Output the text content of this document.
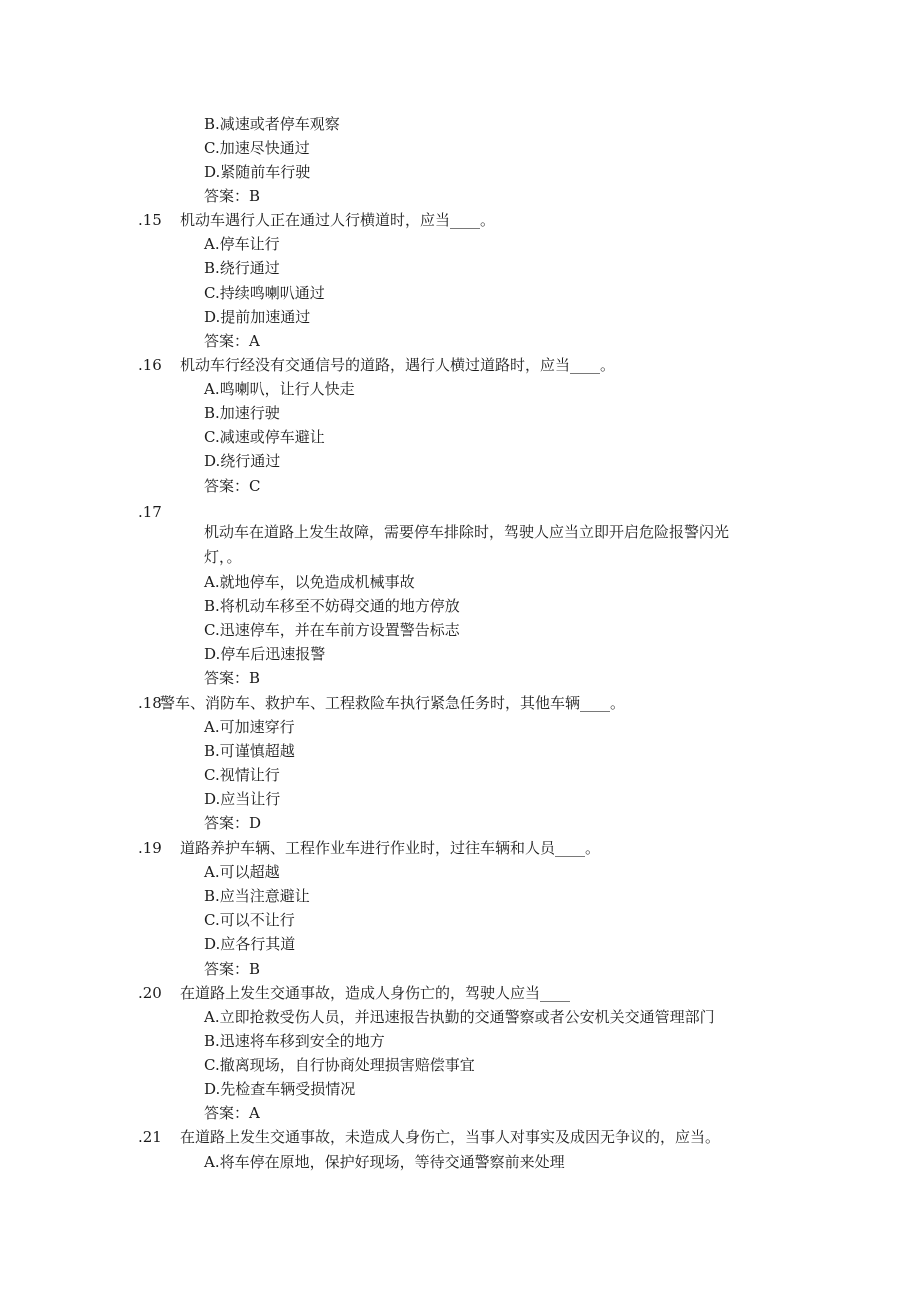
B.减速或者停车观察
C.加速尽快通过
D.紧随前车行驶
答案：B
.15 机动车遇行人正在通过人行横道时，应当____。
A.停车让行
B.绕行通过
C.持续鸣喇叭通过
D.提前加速通过
答案：A
.16 机动车行经没有交通信号的道路，遇行人横过道路时，应当____。
A.鸣喇叭，让行人快走
B.加速行驶
C.减速或停车避让
D.绕行通过
答案：C
.17
机动车在道路上发生故障，需要停车排除时，驾驶人应当立即开启危险报警闪光
灯，。
A.就地停车，以免造成机械事故
B.将机动车移至不妨碍交通的地方停放
C.迅速停车，并在车前方设置警告标志
D.停车后迅速报警
答案：B
.18
警车、消防车、救护车、工程救险车执行紧急任务时，其他车辆____。
A.可加速穿行
B.可谨慎超越
C.视情让行
D.应当让行
答案：D
.19 道路养护车辆、工程作业车进行作业时，过往车辆和人员____。
A.可以超越
B.应当注意避让
C.可以不让行
D.应各行其道
答案：B
.20 在道路上发生交通事故，造成人身伤亡的，驾驶人应当____
A.立即抢救受伤人员，并迅速报告执勤的交通警察或者公安机关交通管理部门
B.迅速将车移到安全的地方
C.撤离现场，自行协商处理损害赔偿事宜
D.先检查车辆受损情况
答案：A
.21 在道路上发生交通事故，未造成人身伤亡，当事人对事实及成因无争议的，应当。
A.将车停在原地，保护好现场，等待交通警察前来处理
